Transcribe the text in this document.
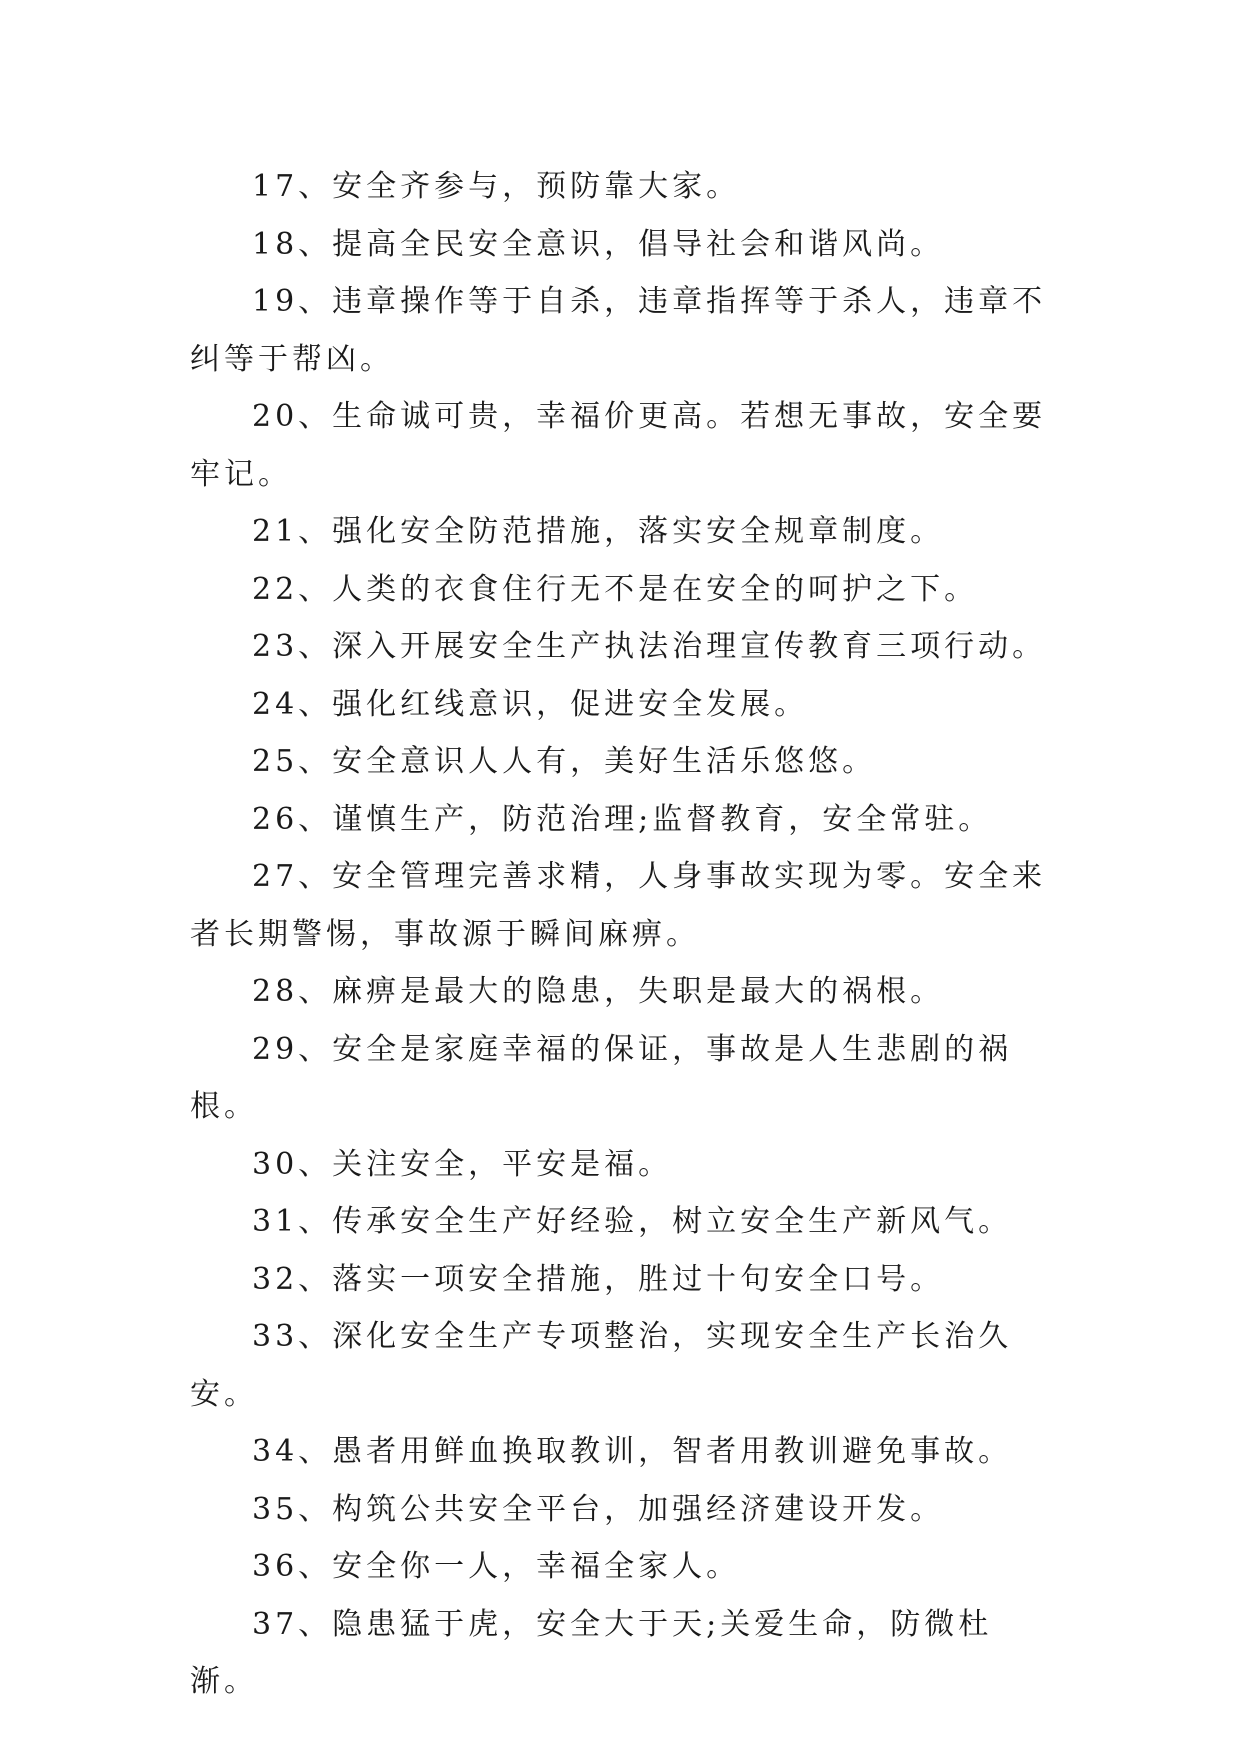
17、安全齐参与，预防靠大家。

18、提高全民安全意识，倡导社会和谐风尚。

19、违章操作等于自杀，违章指挥等于杀人，违章不纠等于帮凶。

20、生命诚可贵，幸福价更高。若想无事故，安全要牢记。

21、强化安全防范措施，落实安全规章制度。

22、人类的衣食住行无不是在安全的呵护之下。

23、深入开展安全生产执法治理宣传教育三项行动。

24、强化红线意识，促进安全发展。

25、安全意识人人有，美好生活乐悠悠。

26、谨慎生产，防范治理;监督教育，安全常驻。

27、安全管理完善求精，人身事故实现为零。安全来者长期警惕，事故源于瞬间麻痹。

28、麻痹是最大的隐患，失职是最大的祸根。

29、安全是家庭幸福的保证，事故是人生悲剧的祸根。

30、关注安全，平安是福。

31、传承安全生产好经验，树立安全生产新风气。

32、落实一项安全措施，胜过十句安全口号。

33、深化安全生产专项整治，实现安全生产长治久安。

34、愚者用鲜血换取教训，智者用教训避免事故。

35、构筑公共安全平台，加强经济建设开发。

36、安全你一人，幸福全家人。

37、隐患猛于虎，安全大于天;关爱生命，防微杜渐。
